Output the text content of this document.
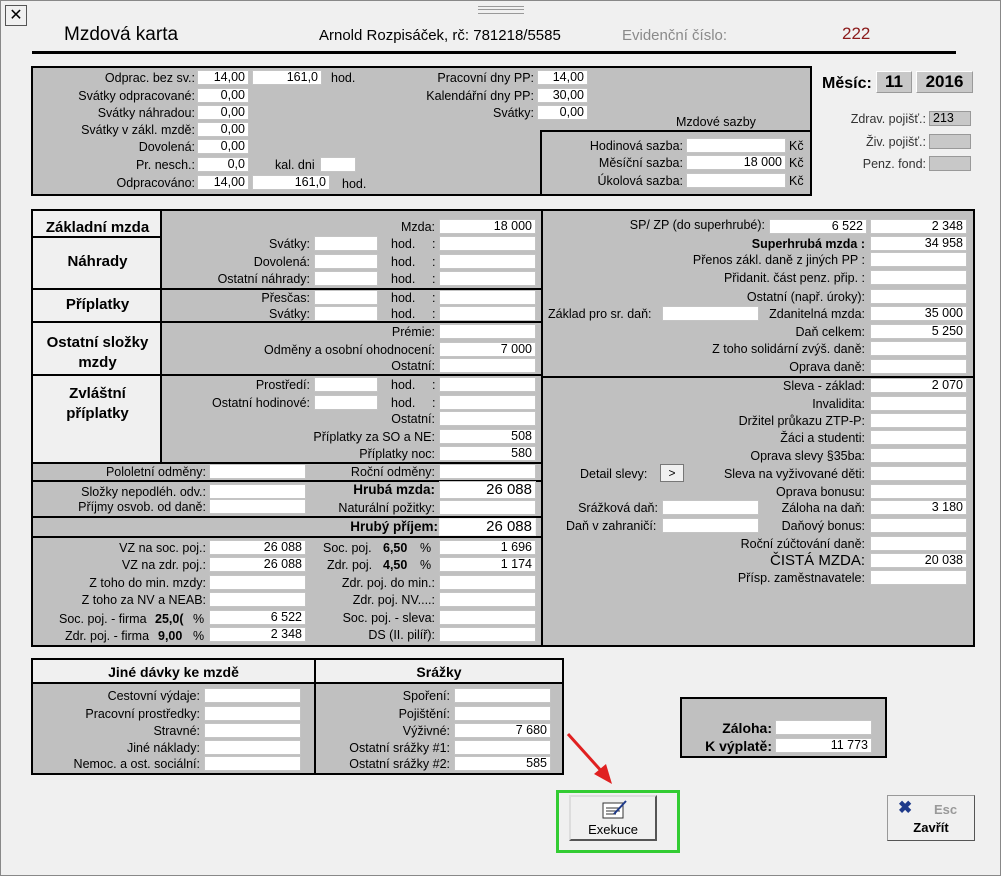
✕
Mzdová karta	Arnold Rozpisáček, rč: 781218/5585	Evidenční číslo:	222
Odprac. bez sv.:	14,00	161,0	hod.
Svátky odpracované:	0,00
Svátky náhradou:	0,00
Svátky v zákl. mzdě:	0,00
Dovolená:	0,00
Pr. nesch.:	0,0	kal. dni
Odpracováno:	14,00	161,0	hod.
Pracovní dny PP:	14,00
Kalendářní dny PP:	30,00
Svátky:	0,00
Mzdové sazby
Hodinová sazba:	Kč
Měsíční sazba:	18 000 Kč
Úkolová sazba:	Kč
Měsíc: 11	2016
Zdrav. pojišť.: 213
Živ. pojišť.:
Penz. fond:
Základní mzda
Náhrady
Příplatky
Ostatní složky
mzdy
Zvláštní
příplatky
Mzda:	18 000
Svátky:	hod. :
Dovolená:	hod. :
Ostatní náhrady:	hod. :
Přesčas:	hod. :
Svátky:	hod. :
Prémie:
Odměny a osobní ohodnocení:	7 000
Ostatní:
Prostředí:	hod. :
Ostatní hodinové:	hod. :
Ostatní:
Příplatky za SO a NE:	508
Příplatky noc:	580
Pololetní odměny:	Roční odměny:
Složky nepodléh. odv.:
Příjmy osvob. od daně:
Hrubá mzda:	26 088
Naturální požitky:
Hrubý příjem:	26 088
VZ na soc. poj.:	26 088	Soc. poj. 6,50 %	1 696
VZ na zdr. poj.:	26 088	Zdr. poj. 4,50 %	1 174
Z toho do min. mzdy:	Zdr. poj. do min.:
Z toho za NV a NEAB:	Zdr. poj. NV....:
Soc. poj. - firma 25,0( %	6 522	Soc. poj. - sleva:
Zdr. poj. - firma 9,00 %	2 348	DS (II. pilíř):
SP/ ZP (do superhrubé):	6 522	2 348
Superhrubá mzda :	34 958
Přenos zákl. daně z jiných PP :
Přidanit. část penz. přip. :
Ostatní (např. úroky):
Základ pro sr. daň:	Zdanitelná mzda:	35 000
Daň celkem:	5 250
Z toho solidární zvýš. daně:
Oprava daně:
Sleva - základ:	2 070
Invalidita:
Držitel průkazu ZTP-P:
Žáci a studenti:
Oprava slevy §35ba:
Detail slevy:	>	Sleva na vyživované děti:
Oprava bonusu:
Srážková daň:	Záloha na daň:	3 180
Daň v zahraničí:	Daňový bonus:
Roční zúčtování daně:
ČISTÁ MZDA:	20 038
Přísp. zaměstnavatele:
Jiné dávky ke mzdě
Cestovní výdaje:
Pracovní prostředky:
Stravné:
Jiné náklady:
Nemoc. a ost. sociální:
Srážky
Spoření:
Pojištění:
Výživné:	7 680
Ostatní srážky #1:
Ostatní srážky #2:	585
Záloha:
K výplatě:	11 773
Exekuce
✖ Esc
Zavřít
